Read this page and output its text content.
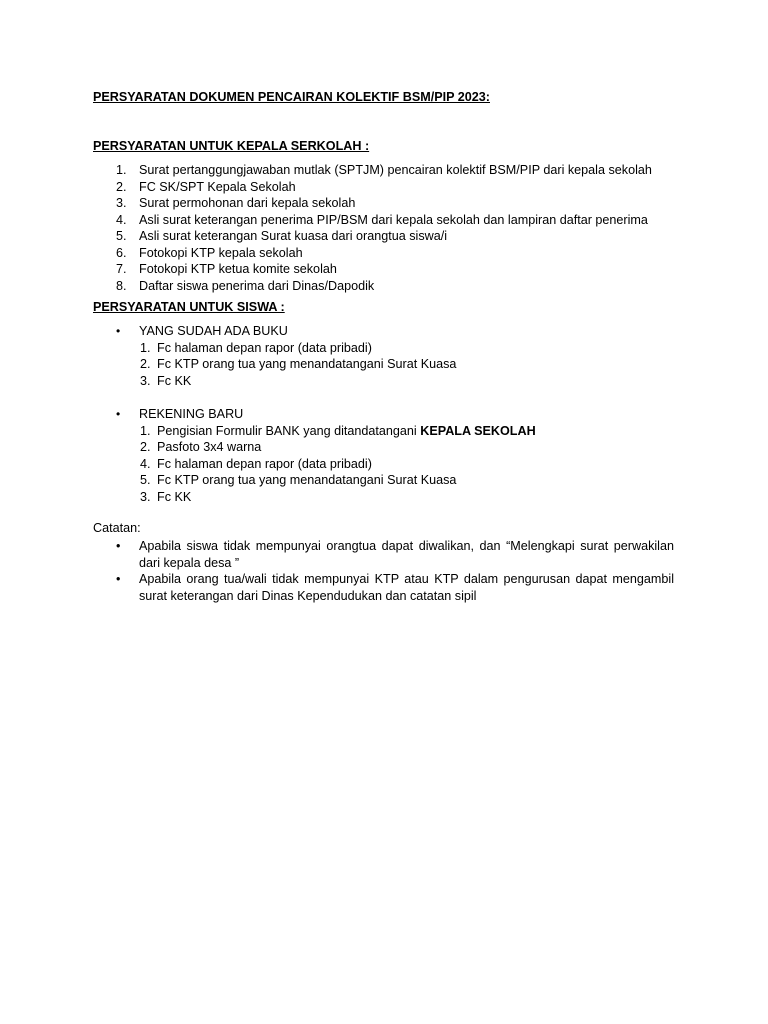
PERSYARATAN DOKUMEN PENCAIRAN KOLEKTIF BSM/PIP 2023:
PERSYARATAN UNTUK KEPALA SERKOLAH :
1. Surat pertanggungjawaban mutlak (SPTJM) pencairan kolektif BSM/PIP dari kepala sekolah
2. FC SK/SPT Kepala Sekolah
3. Surat permohonan dari kepala sekolah
4. Asli surat keterangan penerima PIP/BSM dari kepala sekolah dan lampiran daftar penerima
5. Asli surat keterangan Surat kuasa dari orangtua siswa/i
6. Fotokopi KTP kepala sekolah
7. Fotokopi KTP ketua komite sekolah
8. Daftar siswa penerima dari Dinas/Dapodik
PERSYARATAN UNTUK SISWA :
• YANG SUDAH ADA BUKU
1. Fc halaman depan rapor (data pribadi)
2. Fc KTP orang tua yang menandatangani Surat Kuasa
3. Fc KK
• REKENING BARU
1. Pengisian Formulir BANK yang ditandatangani KEPALA SEKOLAH
2. Pasfoto 3x4 warna
4. Fc halaman depan rapor (data pribadi)
5. Fc KTP orang tua yang menandatangani Surat Kuasa
3. Fc KK
Catatan:
• Apabila siswa tidak mempunyai orangtua dapat diwalikan, dan “Melengkapi surat perwakilan dari kepala desa ”
• Apabila orang tua/wali tidak mempunyai KTP atau KTP dalam pengurusan dapat mengambil surat keterangan dari Dinas Kependudukan dan catatan sipil
